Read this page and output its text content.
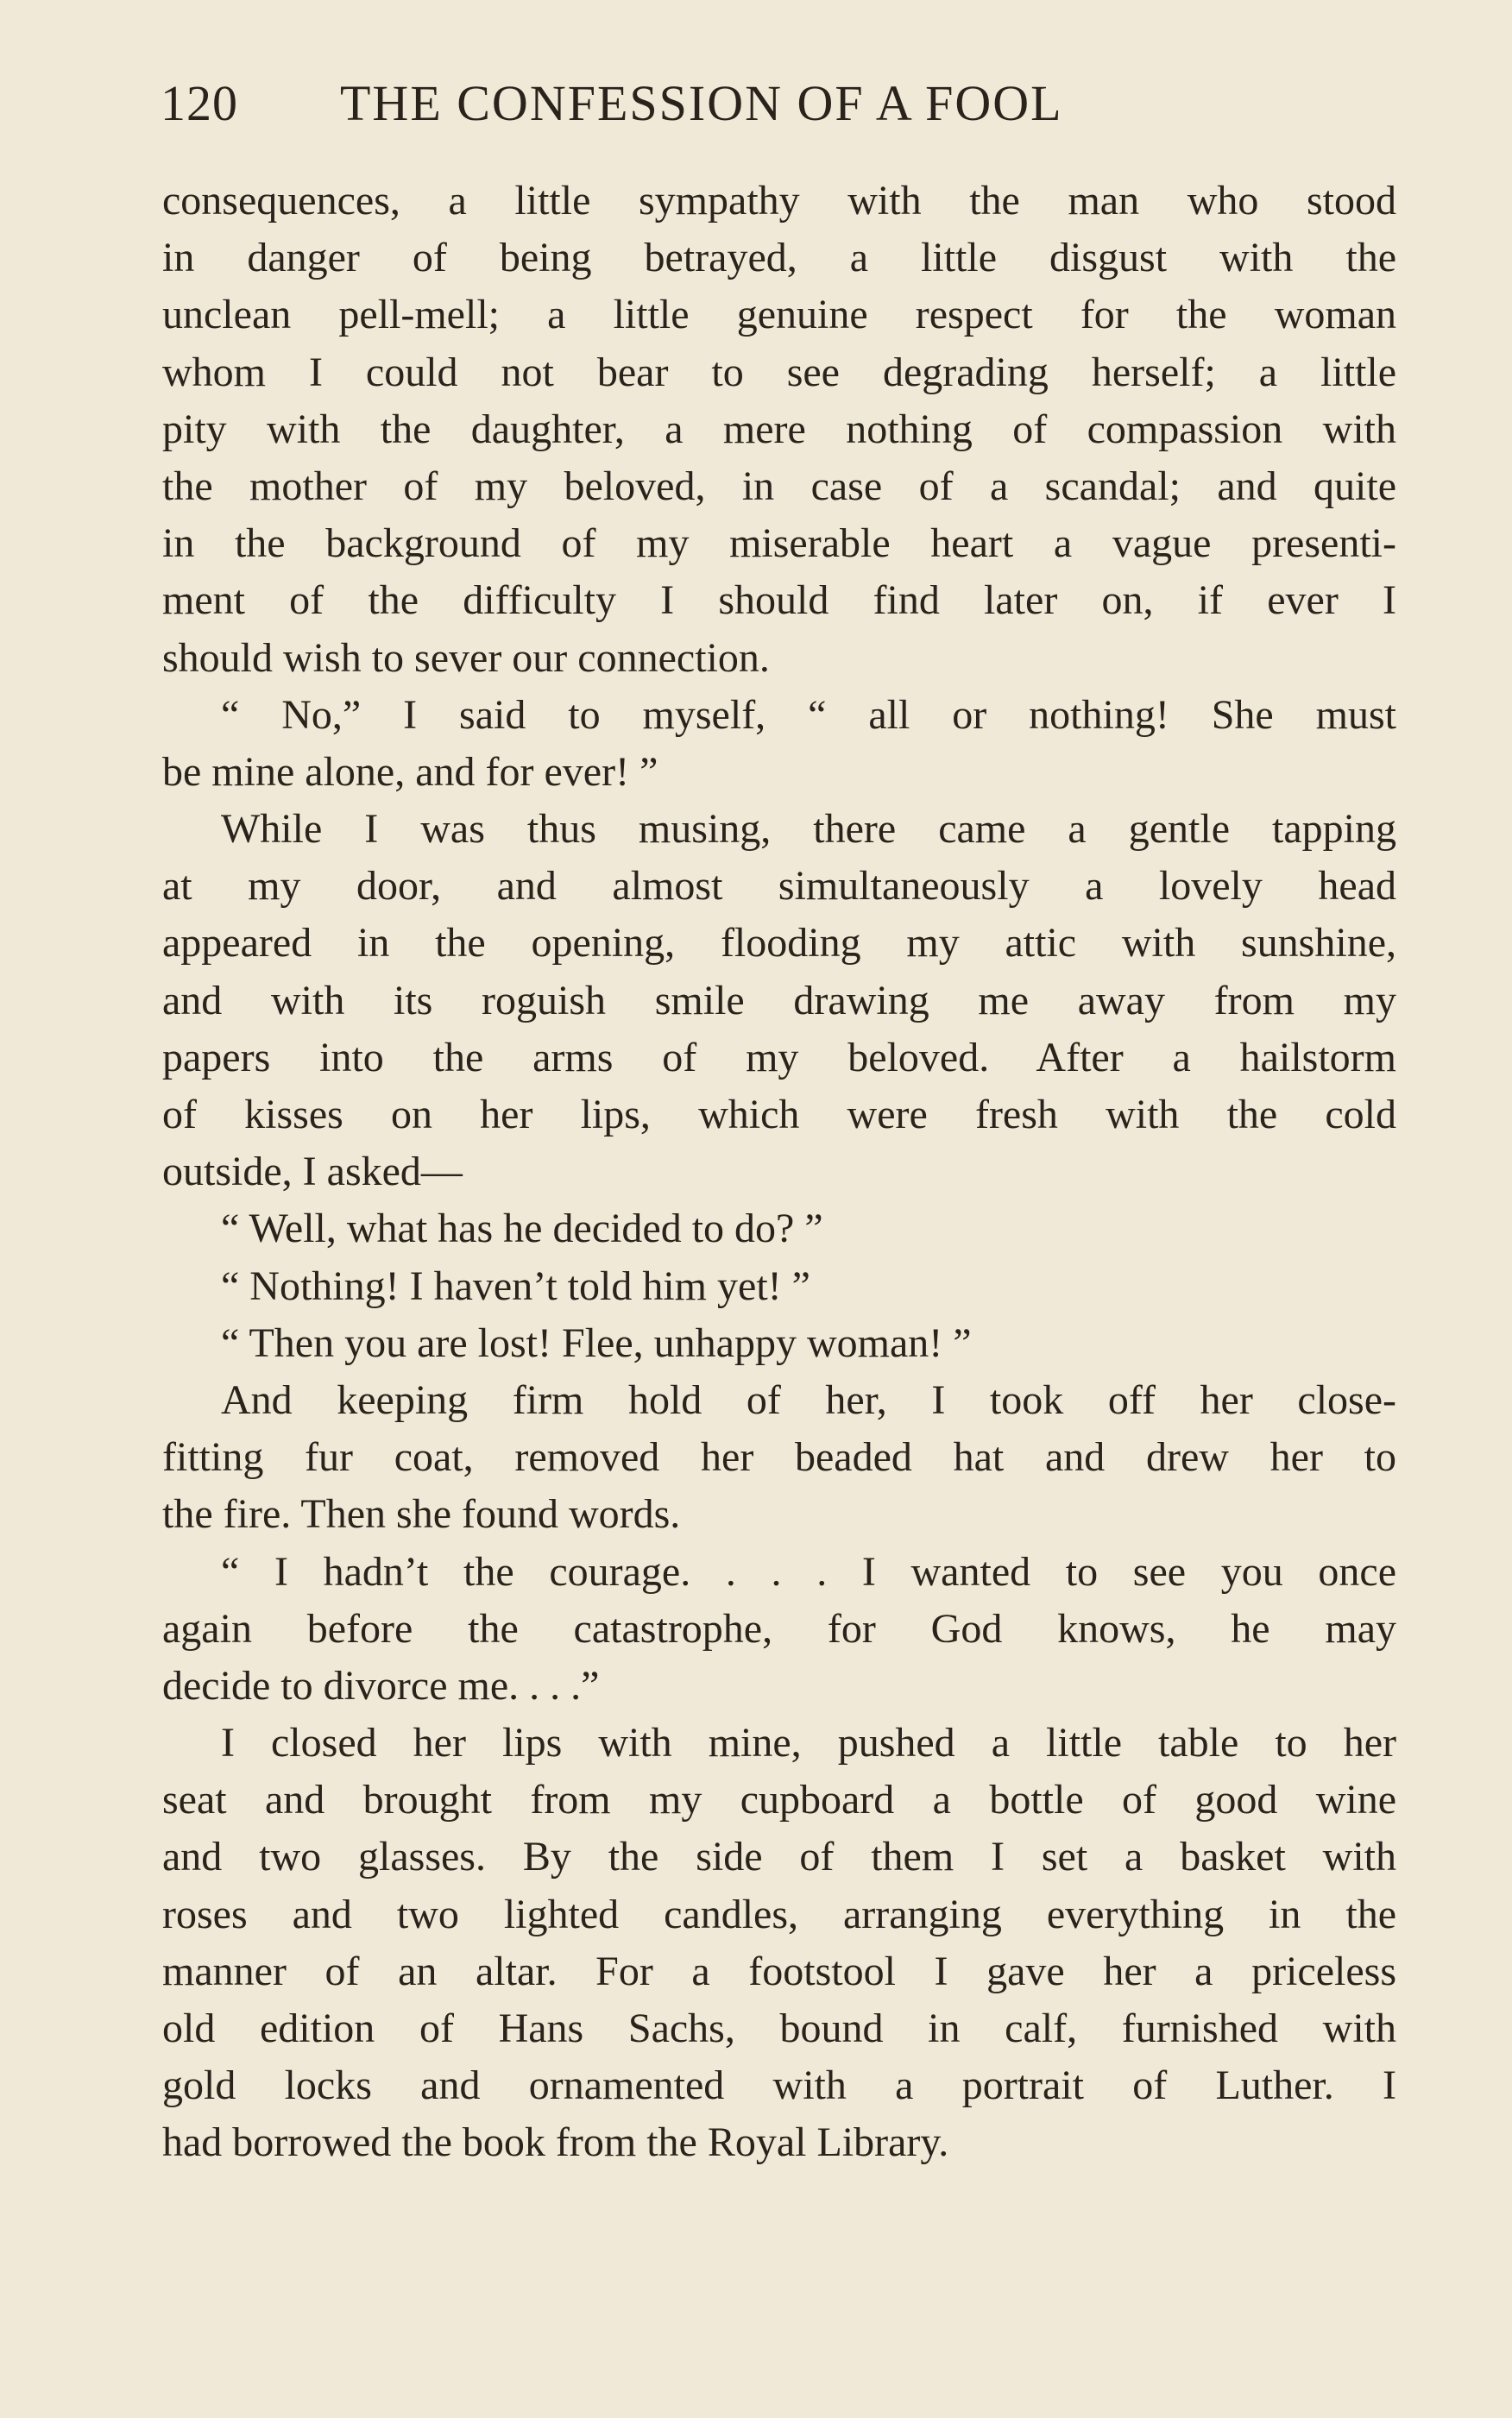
120 THE CONFESSION OF A FOOL
consequences, a little sympathy with the man who stood
in danger of being betrayed, a little disgust with the
unclean pell-mell; a little genuine respect for the woman
whom I could not bear to see degrading herself; a little
pity with the daughter, a mere nothing of compassion with
the mother of my beloved, in case of a scandal; and quite
in the background of my miserable heart a vague presenti-
ment of the difficulty I should find later on, if ever I
should wish to sever our connection.
“ No,” I said to myself, “ all or nothing! She must
be mine alone, and for ever! ”
While I was thus musing, there came a gentle tapping
at my door, and almost simultaneously a lovely head
appeared in the opening, flooding my attic with sunshine,
and with its roguish smile drawing me away from my
papers into the arms of my beloved. After a hailstorm
of kisses on her lips, which were fresh with the cold
outside, I asked—
“ Well, what has he decided to do? ”
“ Nothing! I haven’t told him yet! ”
“ Then you are lost! Flee, unhappy woman! ”
And keeping firm hold of her, I took off her close-
fitting fur coat, removed her beaded hat and drew her to
the fire. Then she found words.
“ I hadn’t the courage. . . . I wanted to see you once
again before the catastrophe, for God knows, he may
decide to divorce me. . . .”
I closed her lips with mine, pushed a little table to her
seat and brought from my cupboard a bottle of good wine
and two glasses. By the side of them I set a basket with
roses and two lighted candles, arranging everything in the
manner of an altar. For a footstool I gave her a priceless
old edition of Hans Sachs, bound in calf, furnished with
gold locks and ornamented with a portrait of Luther. I
had borrowed the book from the Royal Library.
